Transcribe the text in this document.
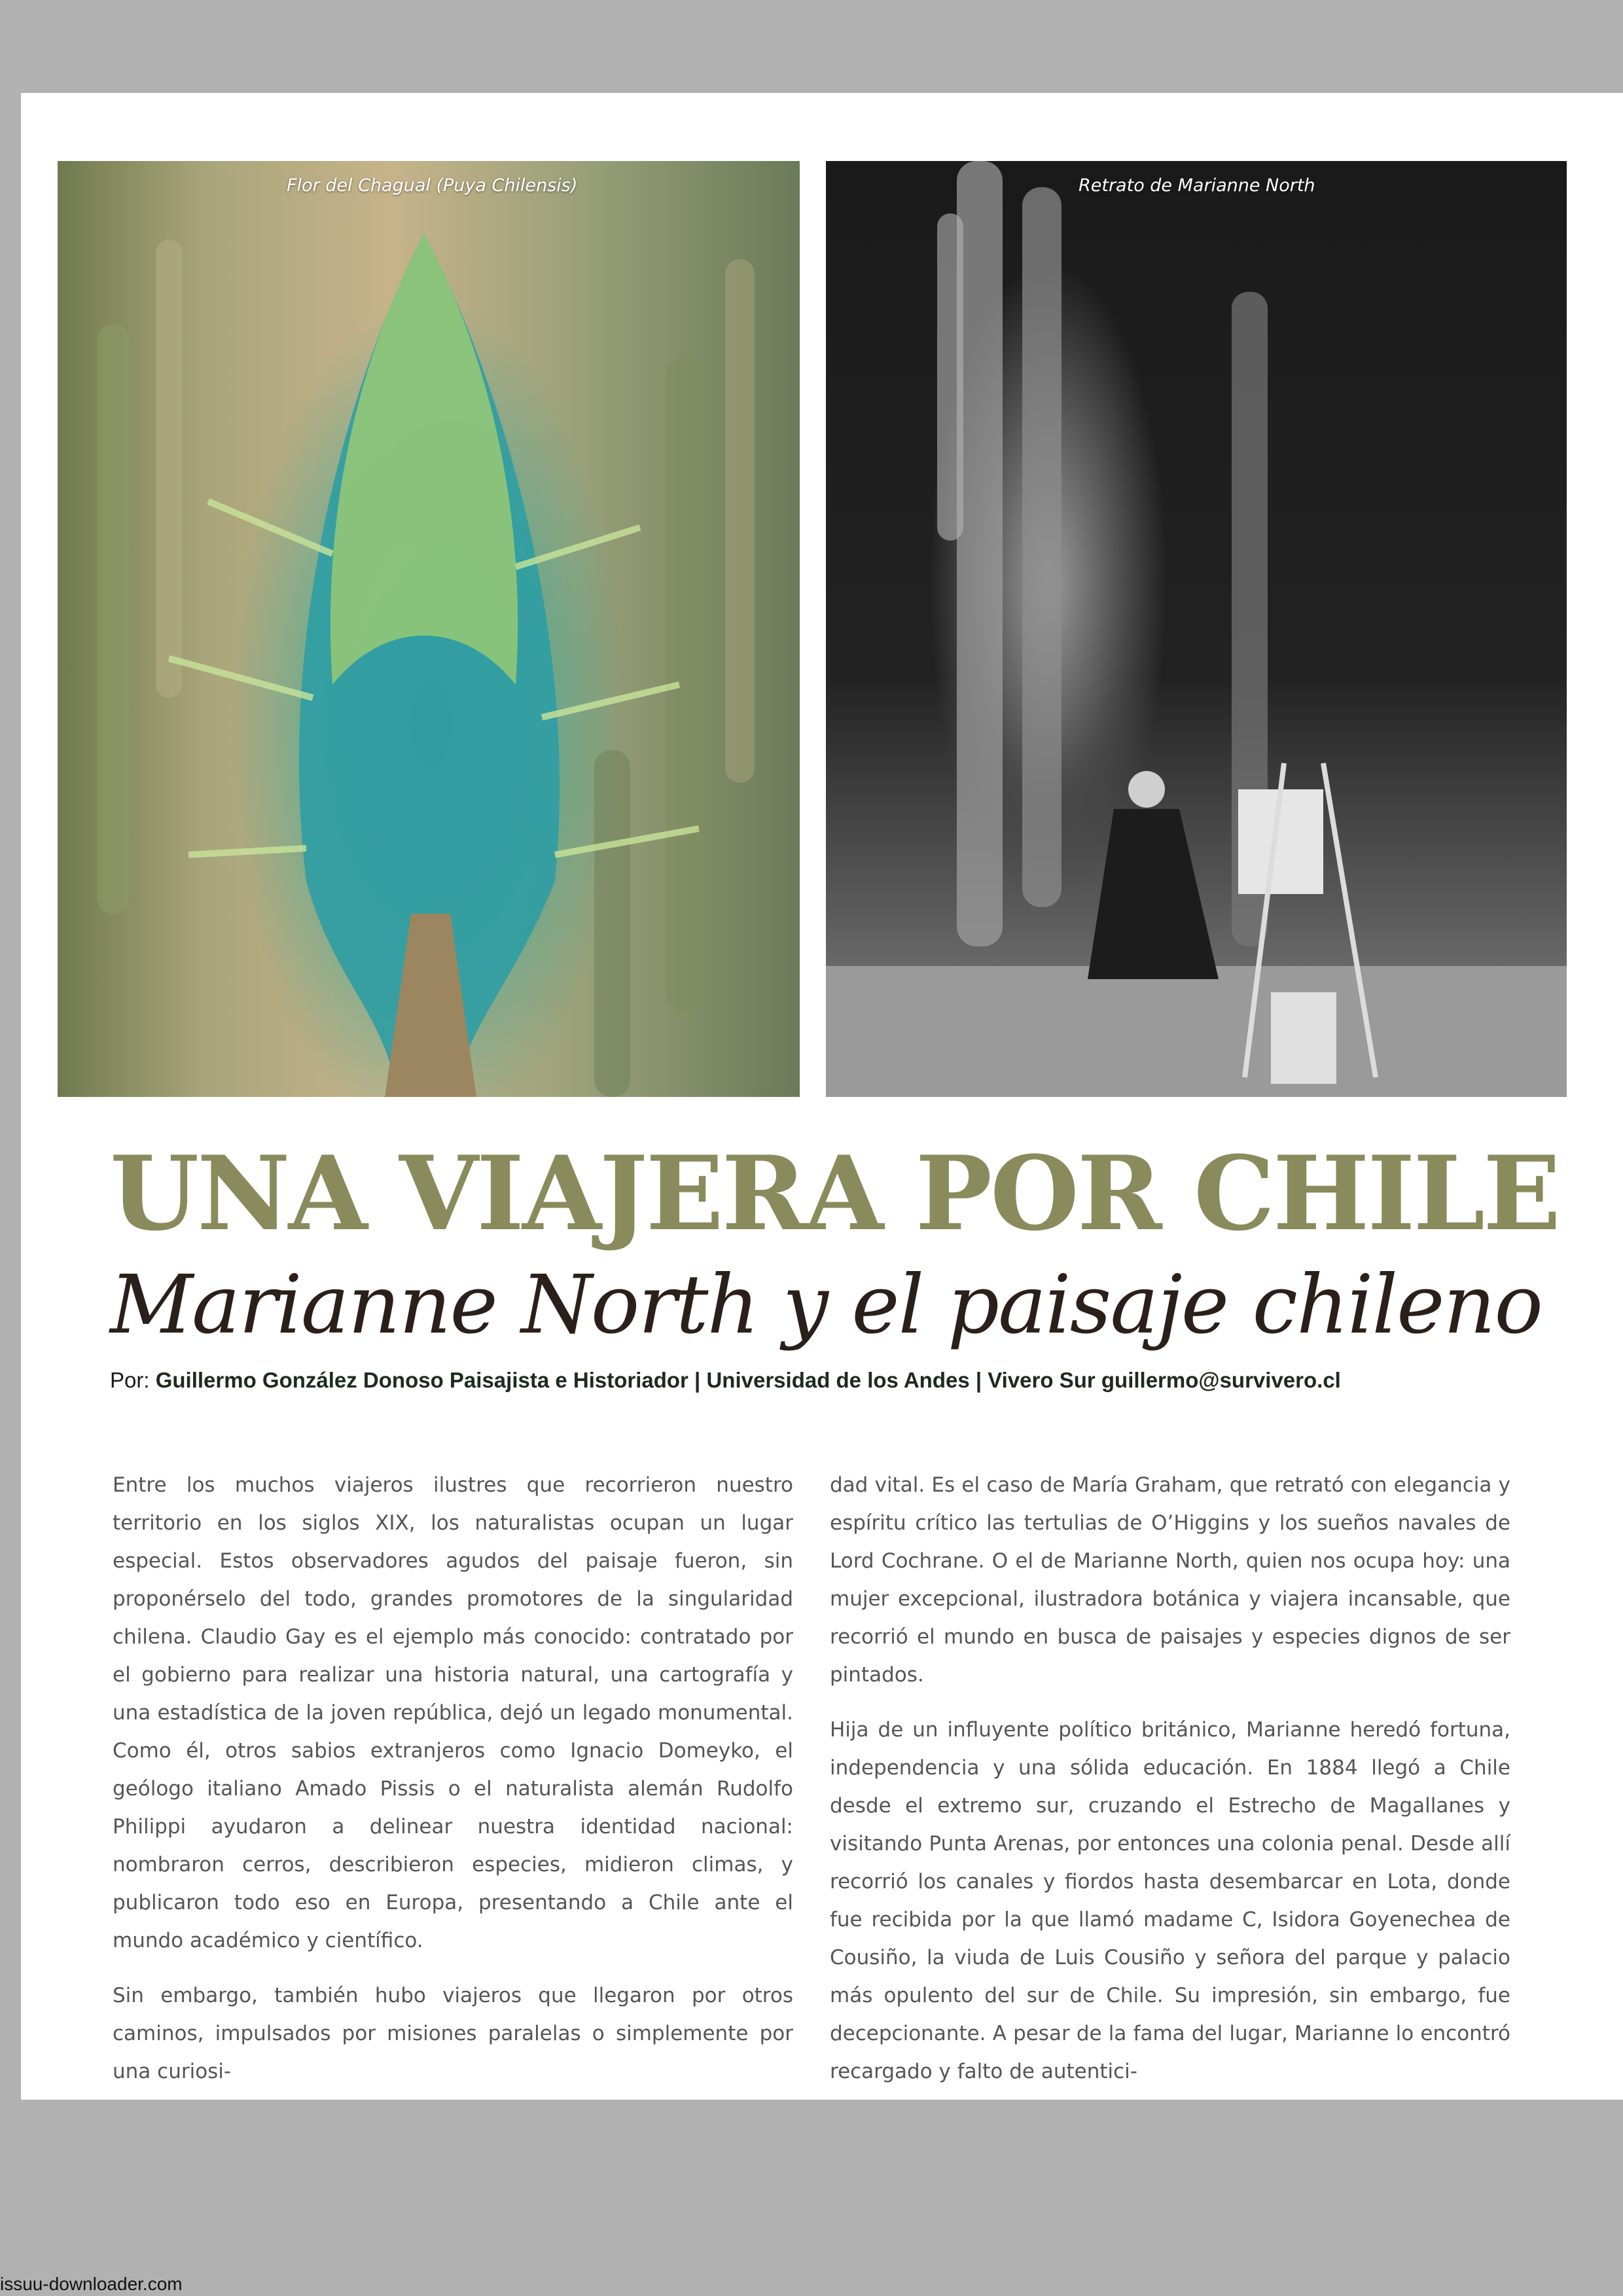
Flor del Chagual (Puya Chilensis)	Retrato de Marianne North
UNA VIAJERA POR CHILE
Marianne North y el paisaje chileno
Por: Guillermo González Donoso Paisajista e Historiador | Universidad de los Andes | Vivero Sur guillermo@survivero.cl

Entre los muchos viajeros ilustres que recorrieron nuestro territorio en los siglos XIX, los naturalistas ocupan un lugar especial. Estos observadores agudos del paisaje fueron, sin proponérselo del todo, grandes promotores de la singularidad chilena. Claudio Gay es el ejemplo más conocido: contratado por el gobierno para realizar una historia natural, una cartografía y una estadística de la joven república, dejó un legado monumental. Como él, otros sabios extranjeros como Ignacio Domeyko, el geólogo italiano Amado Pissis o el naturalista alemán Rudolfo Philippi ayudaron a delinear nuestra identidad nacional: nombraron cerros, describieron especies, midieron climas, y publicaron todo eso en Europa, presentando a Chile ante el mundo académico y científico.

Sin embargo, también hubo viajeros que llegaron por otros caminos, impulsados por misiones paralelas o simplemente por una curiosi-

dad vital. Es el caso de María Graham, que retrató con elegancia y espíritu crítico las tertulias de O’Higgins y los sueños navales de Lord Cochrane. O el de Marianne North, quien nos ocupa hoy: una mujer excepcional, ilustradora botánica y viajera incansable, que recorrió el mundo en busca de paisajes y especies dignos de ser pintados.

Hija de un influyente político británico, Marianne heredó fortuna, independencia y una sólida educación. En 1884 llegó a Chile desde el extremo sur, cruzando el Estrecho de Magallanes y visitando Punta Arenas, por entonces una colonia penal. Desde allí recorrió los canales y fiordos hasta desembarcar en Lota, donde fue recibida por la que llamó madame C, Isidora Goyenechea de Cousiño, la viuda de Luis Cousiño y señora del parque y palacio más opulento del sur de Chile. Su impresión, sin embargo, fue decepcionante. A pesar de la fama del lugar, Marianne lo encontró recargado y falto de autentici-

issuu-downloader.com
